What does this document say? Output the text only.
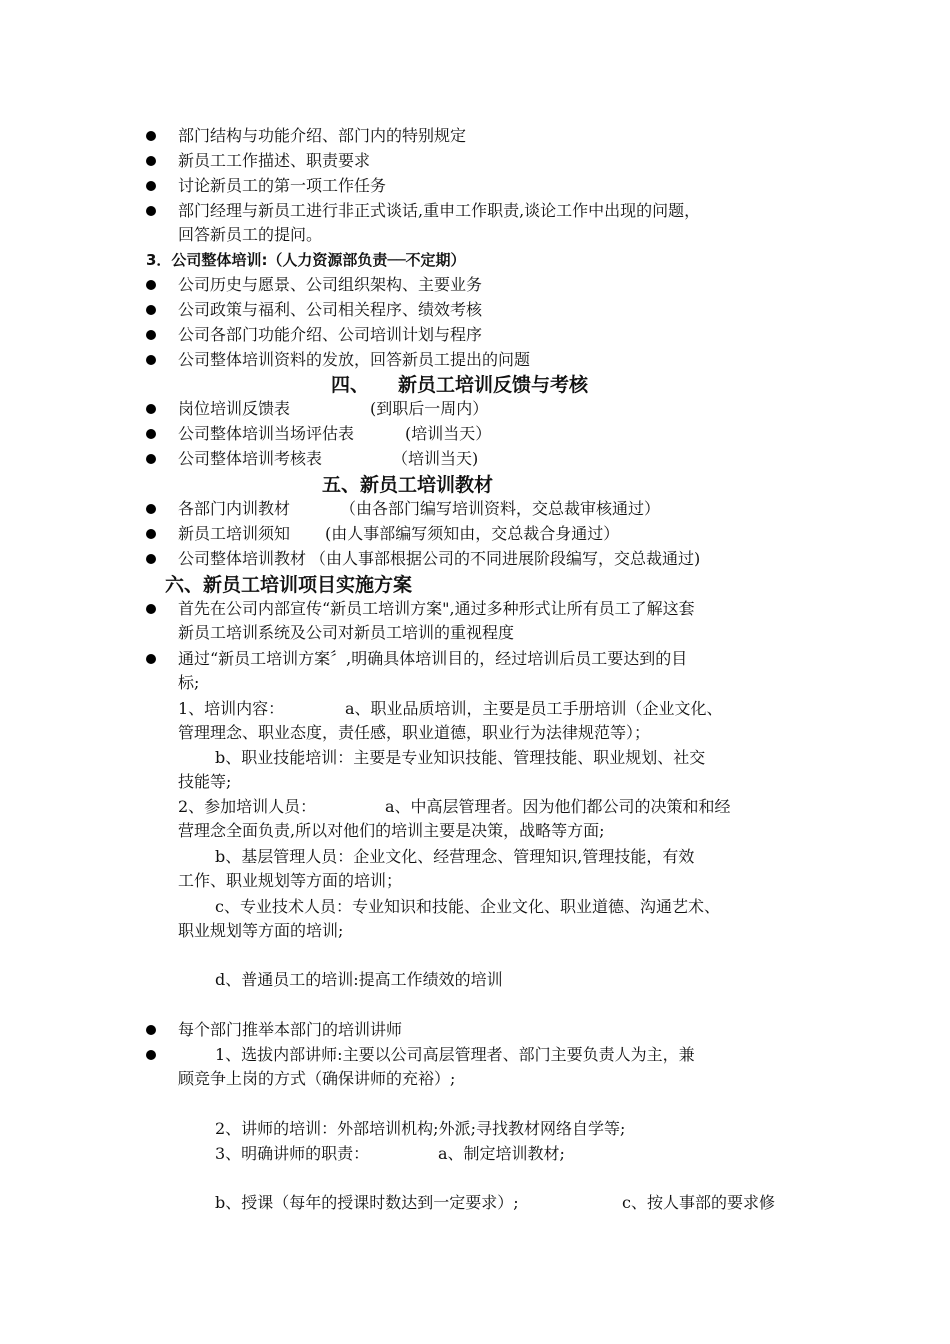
部门结构与功能介绍、部门内的特别规定
新员工工作描述、职责要求
讨论新员工的第一项工作任务
部门经理与新员工进行非正式谈话,重申工作职责,谈论工作中出现的问题，
回答新员工的提问。
3．公司整体培训:（人力资源部负责──不定期）
公司历史与愿景、公司组织架构、主要业务
公司政策与福利、公司相关程序、绩效考核
公司各部门功能介绍、公司培训计划与程序
公司整体培训资料的发放，回答新员工提出的问题
四、 新员工培训反馈与考核
岗位培训反馈表	(到职后一周内）
公司整体培训当场评估表	(培训当天）
公司整体培训考核表	（培训当天)
五、新员工培训教材
各部门内训教材	（由各部门编写培训资料，交总裁审核通过）
新员工培训须知 (由人事部编写须知由，交总裁合身通过）
公司整体培训教材 （由人事部根据公司的不同进展阶段编写，交总裁通过)
六、新员工培训项目实施方案
首先在公司内部宣传“新员工培训方案",通过多种形式让所有员工了解这套
新员工培训系统及公司对新员工培训的重视程度
通过“新员工培训方案〞,明确具体培训目的，经过培训后员工要达到的目
标;
1、培训内容：	a、职业品质培训，主要是员工手册培训（企业文化、
管理理念、职业态度，责任感，职业道德，职业行为法律规范等）；
b、职业技能培训：主要是专业知识技能、管理技能、职业规划、社交
技能等;
2、参加培训人员：	a、中高层管理者。因为他们都公司的决策和和经
营理念全面负责,所以对他们的培训主要是决策，战略等方面;
b、基层管理人员：企业文化、经营理念、管理知识,管理技能，有效
工作、职业规划等方面的培训；
c、专业技术人员：专业知识和技能、企业文化、职业道德、沟通艺术、
职业规划等方面的培训;
d、普通员工的培训:提高工作绩效的培训
每个部门推举本部门的培训讲师
1、选拔内部讲师:主要以公司高层管理者、部门主要负责人为主，兼
顾竞争上岗的方式（确保讲师的充裕）;
2、讲师的培训：外部培训机构;外派;寻找教材网络自学等;
3、明确讲师的职责：	a、制定培训教材;
b、授课（每年的授课时数达到一定要求）;	c、按人事部的要求修
